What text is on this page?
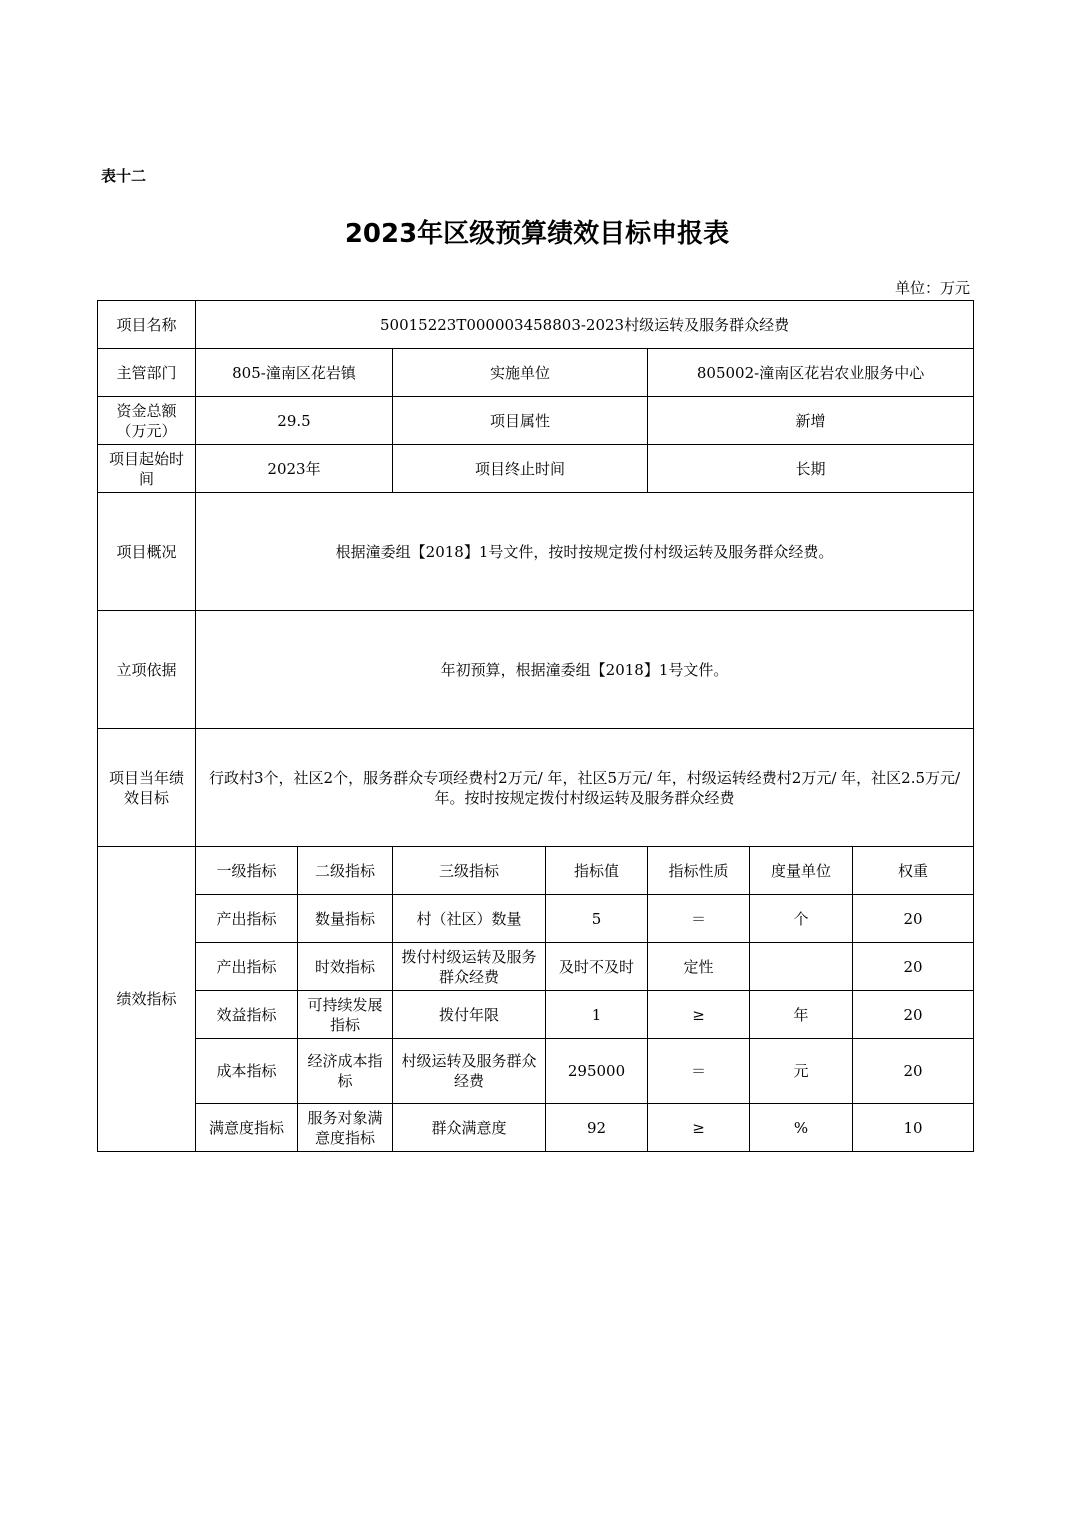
表十二
2023年区级预算绩效目标申报表
单位：万元
项目名称	50015223T000003458803-2023村级运转及服务群众经费						
主管部门	805-潼南区花岩镇		实施单位		805002-潼南区花岩农业服务中心		
资金总额（万元）	29.5		项目属性		新增		
项目起始时间	2023年		项目终止时间		长期		
项目概况	根据潼委组【2018】1号文件，按时按规定拨付村级运转及服务群众经费。						
立项依据	年初预算，根据潼委组【2018】1号文件。						
项目当年绩效目标	行政村3个，社区2个，服务群众专项经费村2万元/ 年，社区5万元/ 年，村级运转经费村2万元/ 年，社区2.5万元/ 年。按时按规定拨付村级运转及服务群众经费						
绩效指标	一级指标	二级指标	三级指标	指标值	指标性质	度量单位	权重
	产出指标	数量指标	村（社区）数量	5	＝	个	20
	产出指标	时效指标	拨付村级运转及服务群众经费	及时不及时	定性		20
	效益指标	可持续发展指标	拨付年限	1	≥	年	20
	成本指标	经济成本指标	村级运转及服务群众经费	295000	＝	元	20
	满意度指标	服务对象满意度指标	群众满意度	92	≥	%	10
